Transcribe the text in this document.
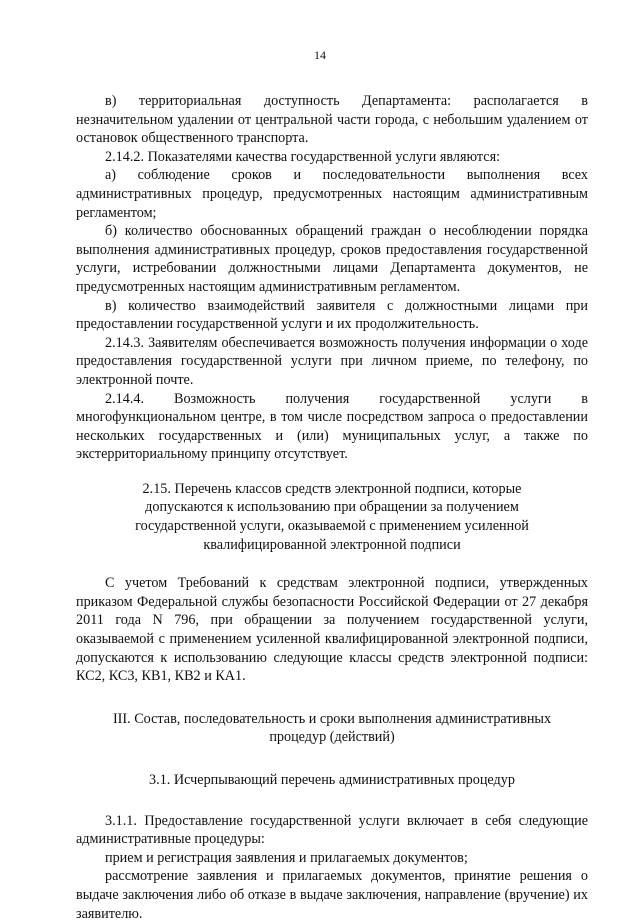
14

в) территориальная доступность Департамента: располагается в незначительном удалении от центральной части города, с небольшим удалением от остановок общественного транспорта.

2.14.2. Показателями качества государственной услуги являются:

а) соблюдение сроков и последовательности выполнения всех административных процедур, предусмотренных настоящим административным регламентом;

б) количество обоснованных обращений граждан о несоблюдении порядка выполнения административных процедур, сроков предоставления государственной услуги, истребовании должностными лицами Департамента документов, не предусмотренных настоящим административным регламентом.

в) количество взаимодействий заявителя с должностными лицами при предоставлении государственной услуги и их продолжительность.

2.14.3. Заявителям обеспечивается возможность получения информации о ходе предоставления государственной услуги при личном приеме, по телефону, по электронной почте.

2.14.4. Возможность получения государственной услуги в многофункциональном центре, в том числе посредством запроса о предоставлении нескольких государственных и (или) муниципальных услуг, а также по экстерриториальному принципу отсутствует.

2.15. Перечень классов средств электронной подписи, которые допускаются к использованию при обращении за получением государственной услуги, оказываемой с применением усиленной квалифицированной электронной подписи

С учетом Требований к средствам электронной подписи, утвержденных приказом Федеральной службы безопасности Российской Федерации от 27 декабря 2011 года N 796, при обращении за получением государственной услуги, оказываемой с применением усиленной квалифицированной электронной подписи, допускаются к использованию следующие классы средств электронной подписи: КС2, КС3, КВ1, КВ2 и КА1.

III. Состав, последовательность и сроки выполнения административных процедур (действий)
3.1. Исчерпывающий перечень административных процедур

3.1.1. Предоставление государственной услуги включает в себя следующие административные процедуры:

прием и регистрация заявления и прилагаемых документов;

рассмотрение заявления и прилагаемых документов, принятие решения о выдаче заключения либо об отказе в выдаче заключения, направление (вручение) их заявителю.
